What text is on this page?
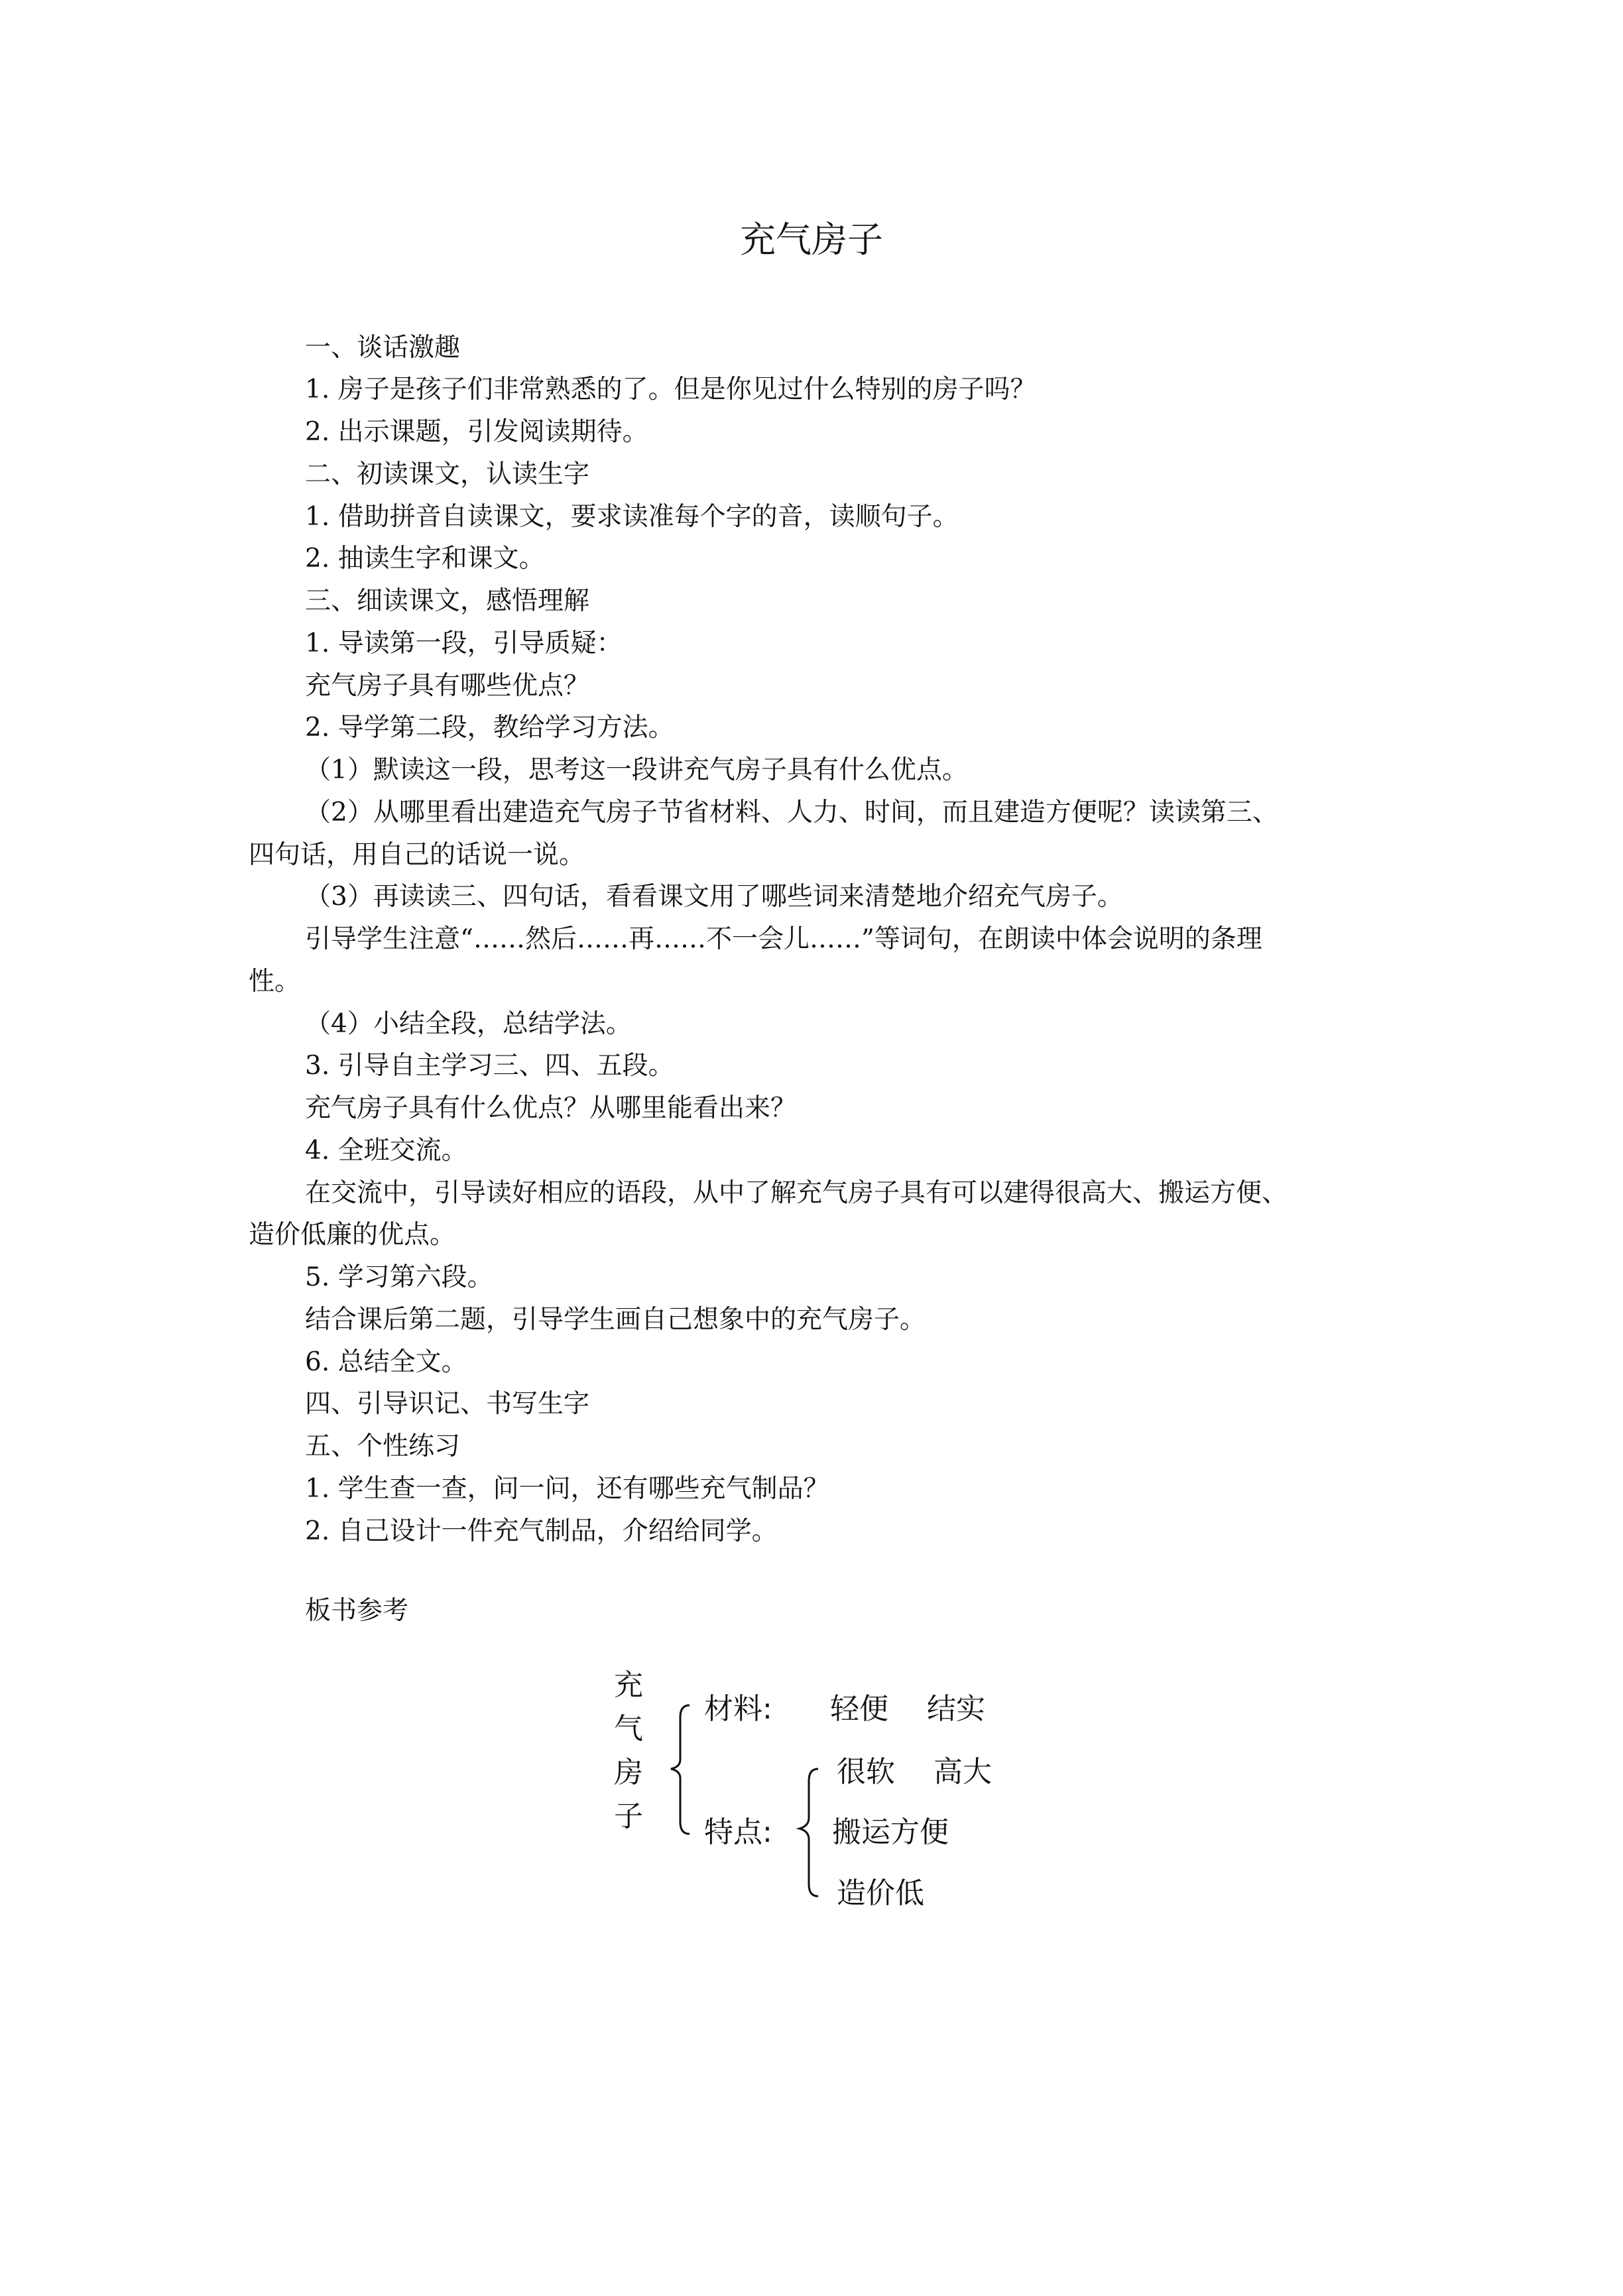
充气房子

一、谈话激趣

1. 房子是孩子们非常熟悉的了。但是你见过什么特别的房子吗？

2. 出示课题，引发阅读期待。

二、初读课文，认读生字

1. 借助拼音自读课文，要求读准每个字的音，读顺句子。

2. 抽读生字和课文。

三、细读课文，感悟理解

1. 导读第一段，引导质疑：

充气房子具有哪些优点？

2. 导学第二段，教给学习方法。

（1）默读这一段，思考这一段讲充气房子具有什么优点。

（2）从哪里看出建造充气房子节省材料、人力、时间，而且建造方便呢？读读第三、

四句话，用自己的话说一说。

（3）再读读三、四句话，看看课文用了哪些词来清楚地介绍充气房子。

引导学生注意“……然后……再……不一会儿……”等词句，在朗读中体会说明的条理

性。

（4）小结全段，总结学法。

3. 引导自主学习三、四、五段。

充气房子具有什么优点？从哪里能看出来？

4. 全班交流。

在交流中，引导读好相应的语段，从中了解充气房子具有可以建得很高大、搬运方便、

造价低廉的优点。

5. 学习第六段。

结合课后第二题，引导学生画自己想象中的充气房子。

6. 总结全文。

四、引导识记、书写生字

五、个性练习

1. 学生查一查，问一问，还有哪些充气制品？

2. 自己设计一件充气制品，介绍给同学。

板书参考

充
气
房
子
材料: 轻便 结实
特点:
很软 高大
搬运方便
造价低
